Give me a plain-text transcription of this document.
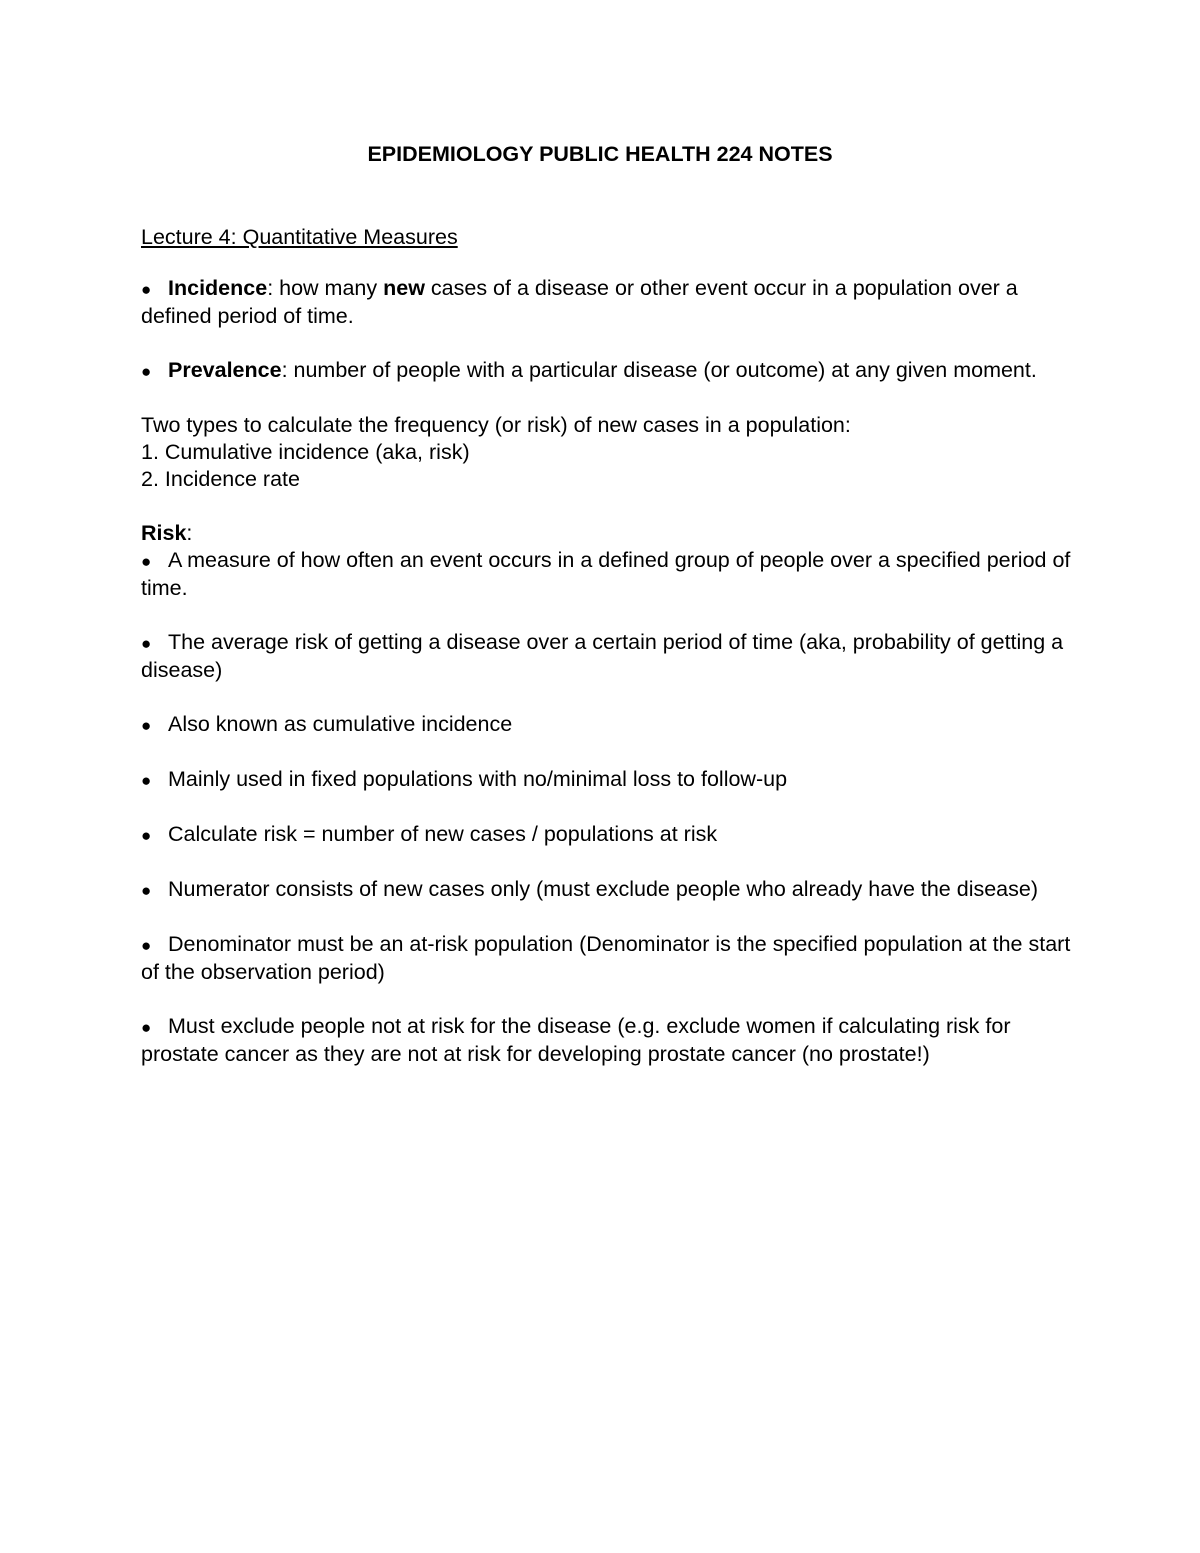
EPIDEMIOLOGY PUBLIC HEALTH 224 NOTES

Lecture 4: Quantitative Measures

● Incidence: how many new cases of a disease or other event occur in a population over a defined period of time.

● Prevalence: number of people with a particular disease (or outcome) at any given moment.

Two types to calculate the frequency (or risk) of new cases in a population:

1. Cumulative incidence (aka, risk)

2. Incidence rate

Risk:

● A measure of how often an event occurs in a defined group of people over a specified period of time.

● The average risk of getting a disease over a certain period of time (aka, probability of getting a disease)

● Also known as cumulative incidence

● Mainly used in fixed populations with no/minimal loss to follow-up

● Calculate risk = number of new cases / populations at risk

● Numerator consists of new cases only (must exclude people who already have the disease)

● Denominator must be an at-risk population (Denominator is the specified population at the start of the observation period)

● Must exclude people not at risk for the disease (e.g. exclude women if calculating risk for prostate cancer as they are not at risk for developing prostate cancer (no prostate!)
